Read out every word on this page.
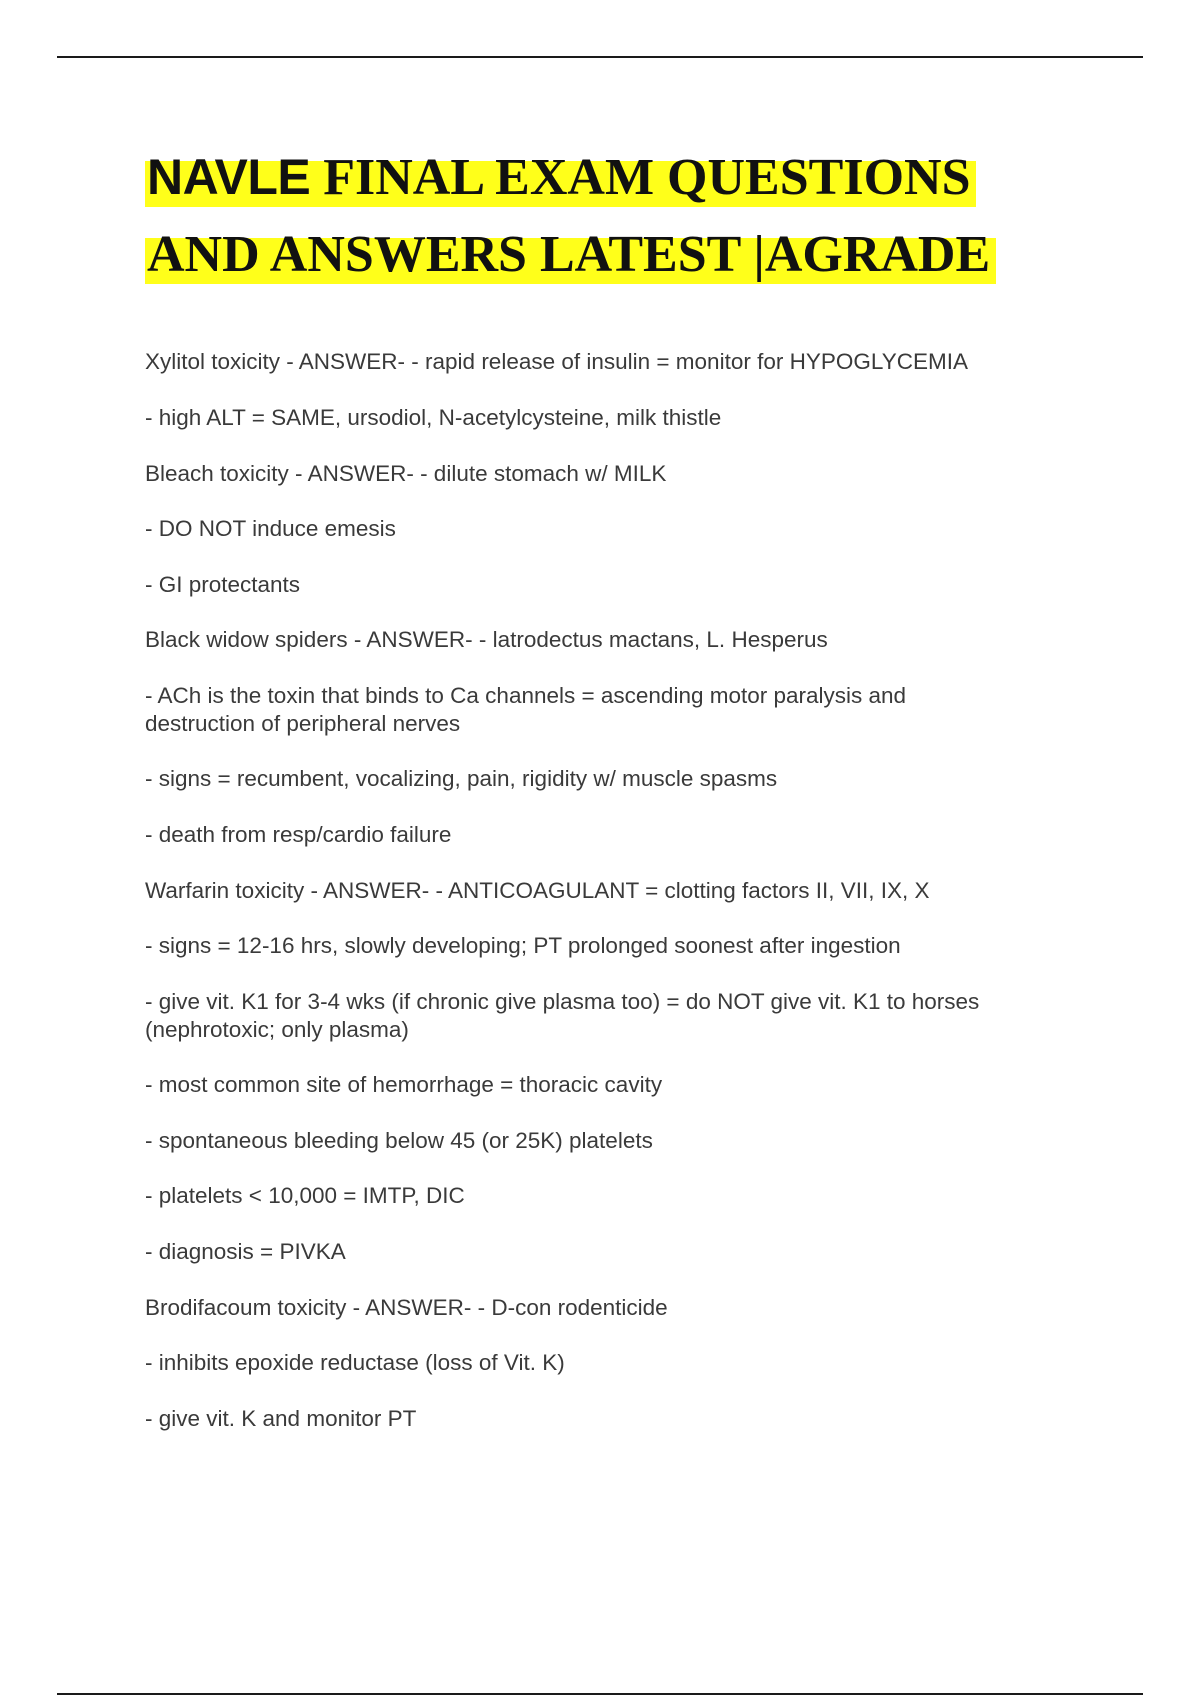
NAVLE FINAL EXAM QUESTIONS
AND ANSWERS LATEST |AGRADE

Xylitol toxicity - ANSWER- - rapid release of insulin = monitor for HYPOGLYCEMIA

- high ALT = SAME, ursodiol, N-acetylcysteine, milk thistle

Bleach toxicity - ANSWER- - dilute stomach w/ MILK

- DO NOT induce emesis

- GI protectants

Black widow spiders - ANSWER- - latrodectus mactans, L. Hesperus

- ACh is the toxin that binds to Ca channels = ascending motor paralysis and destruction of peripheral nerves

- signs = recumbent, vocalizing, pain, rigidity w/ muscle spasms

- death from resp/cardio failure

Warfarin toxicity - ANSWER- - ANTICOAGULANT = clotting factors II, VII, IX, X

- signs = 12-16 hrs, slowly developing; PT prolonged soonest after ingestion

- give vit. K1 for 3-4 wks (if chronic give plasma too) = do NOT give vit. K1 to horses (nephrotoxic; only plasma)

- most common site of hemorrhage = thoracic cavity

- spontaneous bleeding below 45 (or 25K) platelets

- platelets < 10,000 = IMTP, DIC

- diagnosis = PIVKA

Brodifacoum toxicity - ANSWER- - D-con rodenticide

- inhibits epoxide reductase (loss of Vit. K)

- give vit. K and monitor PT
